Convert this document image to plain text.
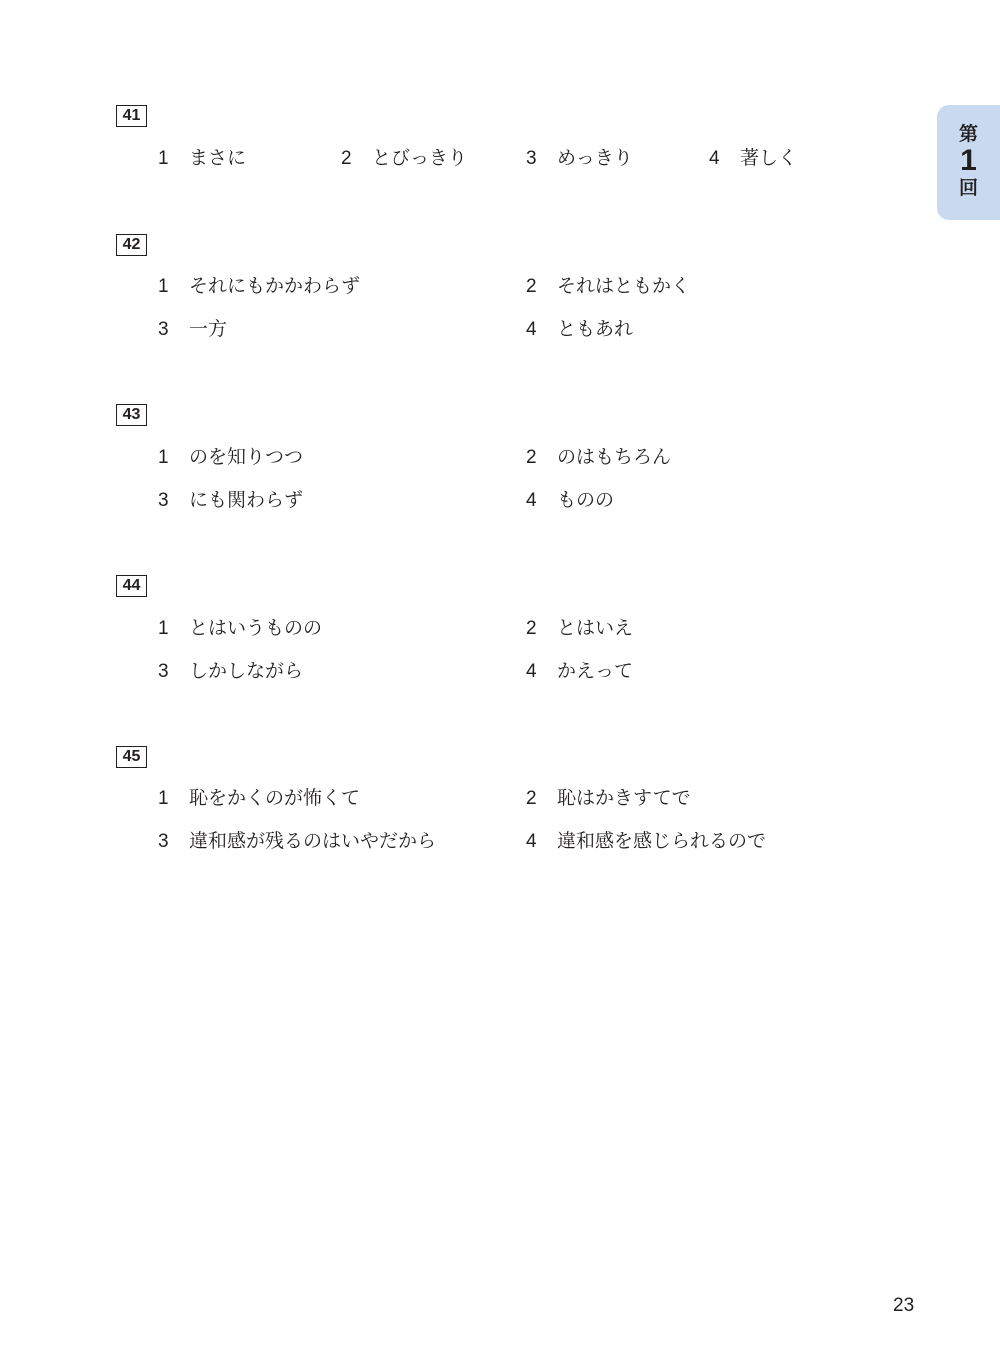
第
1
回
41
1 まさに	2 とびっきり	3 めっきり	4 著しく
42
1 それにもかかわらず	2 それはともかく
3 一方	4 ともあれ
43
1 のを知りつつ	2 のはもちろん
3 にも関わらず	4 ものの
44
1 とはいうものの	2 とはいえ
3 しかしながら	4 かえって
45
1 恥をかくのが怖くて	2 恥はかきすてで
3 違和感が残るのはいやだから	4 違和感を感じられるので
23
